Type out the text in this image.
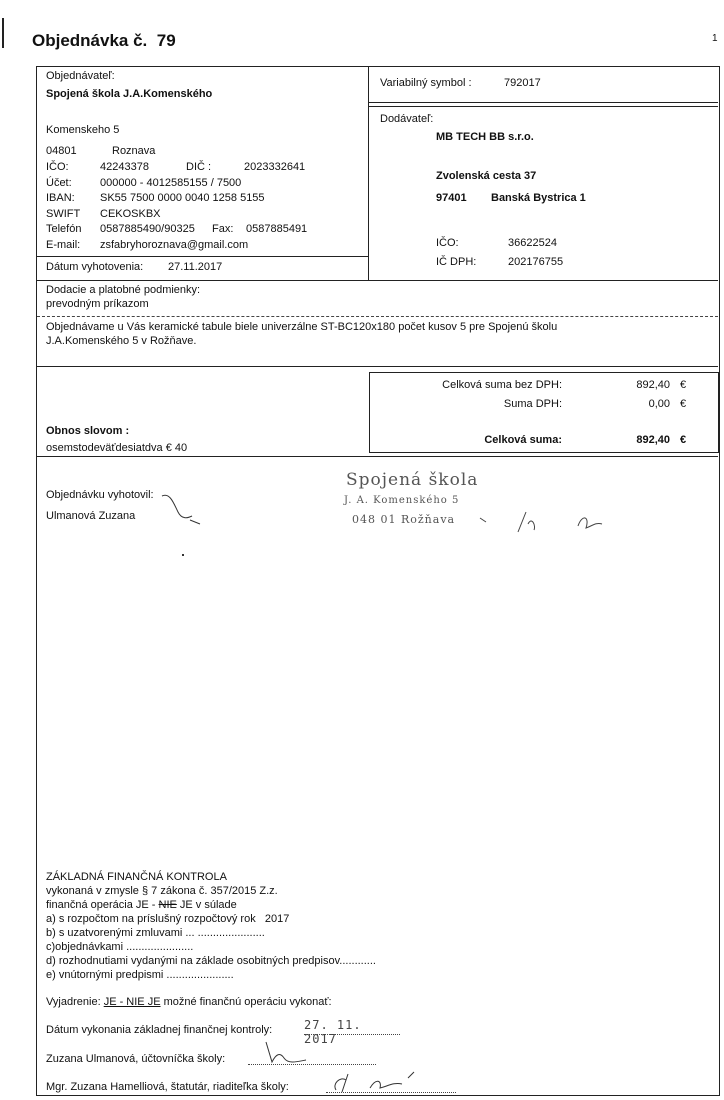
Objednávka č. 79	1
Objednávateľ:
Spojená škola J.A.Komenského
Komenskeho 5
04801	Roznava
IČO:	42243378	DIČ :	2023332641
Účet:	000000 - 4012585155 / 7500
IBAN: SK55 7500 0000 0040 1258 5155
SWIFT CEKOSKBX
Telefón 0587885490/90325 Fax: 0587885491
E-mail: zsfabryhoroznava@gmail.com
Dátum vyhotovenia: 27.11.2017
Variabilný symbol :	792017
Dodávateľ:
MB TECH BB s.r.o.
Zvolenská cesta 37
97401 Banská Bystrica 1
IČO:	36622524
IČ DPH:	202176755
Dodacie a platobné podmienky:
prevodným príkazom
Objednávame u Vás keramické tabule biele univerzálne ST-BC120x180 počet kusov 5 pre Spojenú školu
J.A.Komenského 5 v Rožňave.
Celková suma bez DPH:	892,40 €
Suma DPH:	0,00 €
Celková suma:	892,40 €
Obnos slovom :
osemstodeväťdesiatdva € 40
Objednávku vyhotovil:
Ulmanová Zuzana
Spojená škola
J. A. Komenského 5
048 01 Rožňava
ZÁKLADNÁ FINANČNÁ KONTROLA
vykonaná v zmysle § 7 zákona č. 357/2015 Z.z.
finančná operácia JE - NIE JE v súlade
a) s rozpočtom na príslušný rozpočtový rok 2017
b) s uzatvorenými zmluvami ... ......................
c)objednávkami ......................
d) rozhodnutiami vydanými na základe osobitných predpisov............
e) vnútornými predpismi ......................
Vyjadrenie: JE - NIE JE možné finančnú operáciu vykonať:
Dátum vykonania základnej finančnej kontroly:	27. 11. 2017
Zuzana Ulmanová, účtovníčka školy:
Mgr. Zuzana Hamelliová, štatutár, riaditeľka školy:
